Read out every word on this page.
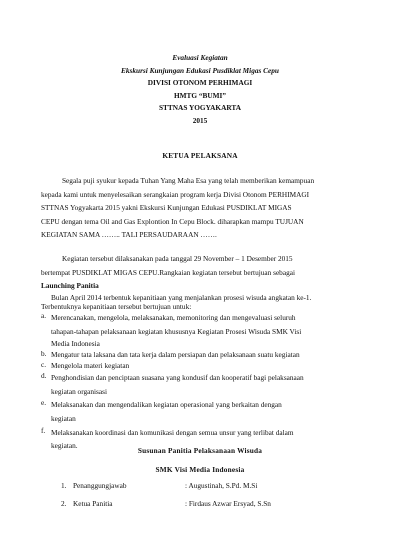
Evaluasi Kegiatan
Ekskursi Kunjungan Edukasi Pusdiklat Migas Cepu
DIVISI OTONOM PERHIMAGI
HMTG “BUMI”
STTNAS YOGYAKARTA
2015
KETUA PELAKSANA
Segala puji syukur kepada Tuhan Yang Maha Esa yang telah memberikan kemampuan
kepada kami untuk menyelesaikan serangkaian program kerja Divisi Otonom PERHIMAGI
STTNAS Yogyakarta 2015 yakni Ekskursi Kunjungan Edukasi PUSDIKLAT MIGAS
CEPU dengan tema Oil and Gas Explontion In Cepu Block. diharapkan mampu TUJUAN
KEGIATAN SAMA …….. TALI PERSAUDARAAN …….
Kegiatan tersebut dilaksanakan pada tanggal 29 November – 1 Desember 2015
bertempat PUSDIKLAT MIGAS CEPU.Rangkaian kegiatan tersebut bertujuan sebagai
Launching Panitia
Bulan April 2014 terbentuk kepanitiaan yang menjalankan prosesi wisuda angkatan ke-1.
Terbentuknya kepanitiaan tersebut bertujuan untuk:
a. Merencanakan, mengelola, melaksanakan, memonitoring dan mengevaluasi seluruh
tahapan-tahapan pelaksanaan kegiatan khususnya Kegiatan Prosesi Wisuda SMK Visi
Media Indonesia
b. Mengatur tata laksana dan tata kerja dalam persiapan dan pelaksanaan suatu kegiatan
c. Mengelola materi kegiatan
d. Penghondisian dan penciptaan suasana yang kondusif dan kooperatif bagi pelaksanaan
kegiatan organisasi
e. Melaksanakan dan mengendalikan kegiatan operasional yang berkaitan dengan
kegiatan
f. Melaksanakan koordinasi dan komunikasi dengan semua unsur yang terlibat dalam
kegiatan.
Susunan Panitia Pelaksanaan Wisuda
SMK Visi Media Indonesia
1. Penanggungjawab	: Augustinah, S.Pd. M.Si
2. Ketua Panitia	: Firdaus Azwar Ersyad, S.Sn
